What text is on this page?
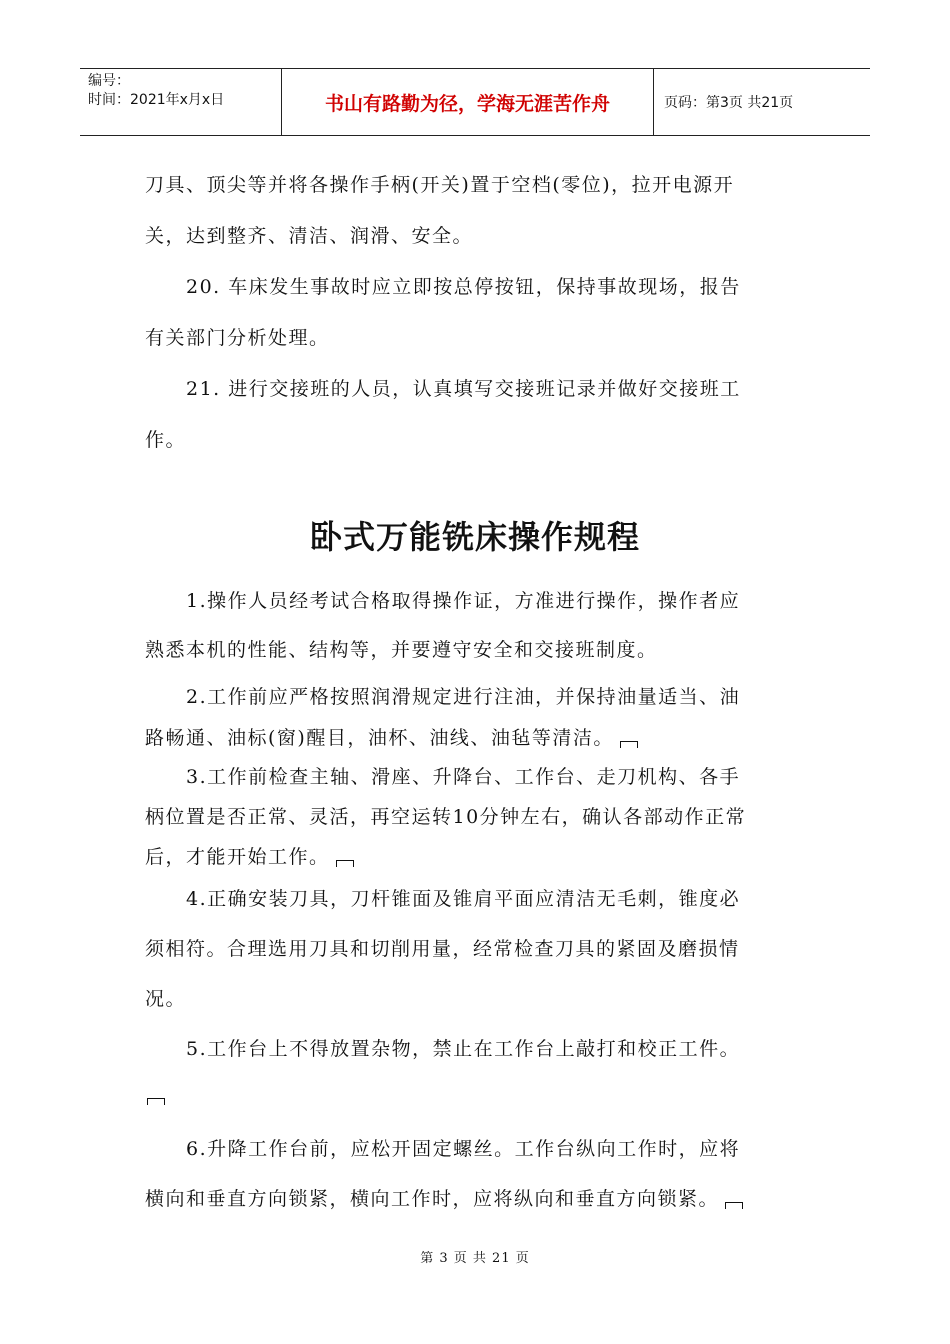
编号：
时间：2021年x月x日	书山有路勤为径，学海无涯苦作舟	页码：第3页 共21页
刀具、顶尖等并将各操作手柄(开关)置于空档(零位)，拉开电源开
关，达到整齐、清洁、润滑、安全。
　　20. 车床发生事故时应立即按总停按钮，保持事故现场，报告
有关部门分析处理。
　　21. 进行交接班的人员，认真填写交接班记录并做好交接班工
作。
卧式万能铣床操作规程
　　1.操作人员经考试合格取得操作证，方准进行操作，操作者应
熟悉本机的性能、结构等，并要遵守安全和交接班制度。
　　2.工作前应严格按照润滑规定进行注油，并保持油量适当、油
路畅通、油标(窗)醒目，油杯、油线、油毡等清洁。
　　3.工作前检查主轴、滑座、升降台、工作台、走刀机构、各手
柄位置是否正常、灵活，再空运转10分钟左右，确认各部动作正常
后，才能开始工作。
　　4.正确安装刀具，刀杆锥面及锥肩平面应清洁无毛刺，锥度必
须相符。合理选用刀具和切削用量，经常检查刀具的紧固及磨损情
况。
　　5.工作台上不得放置杂物，禁止在工作台上敲打和校正工件。
　　6.升降工作台前，应松开固定螺丝。工作台纵向工作时，应将
横向和垂直方向锁紧，横向工作时，应将纵向和垂直方向锁紧。
第 3 页 共 21 页
